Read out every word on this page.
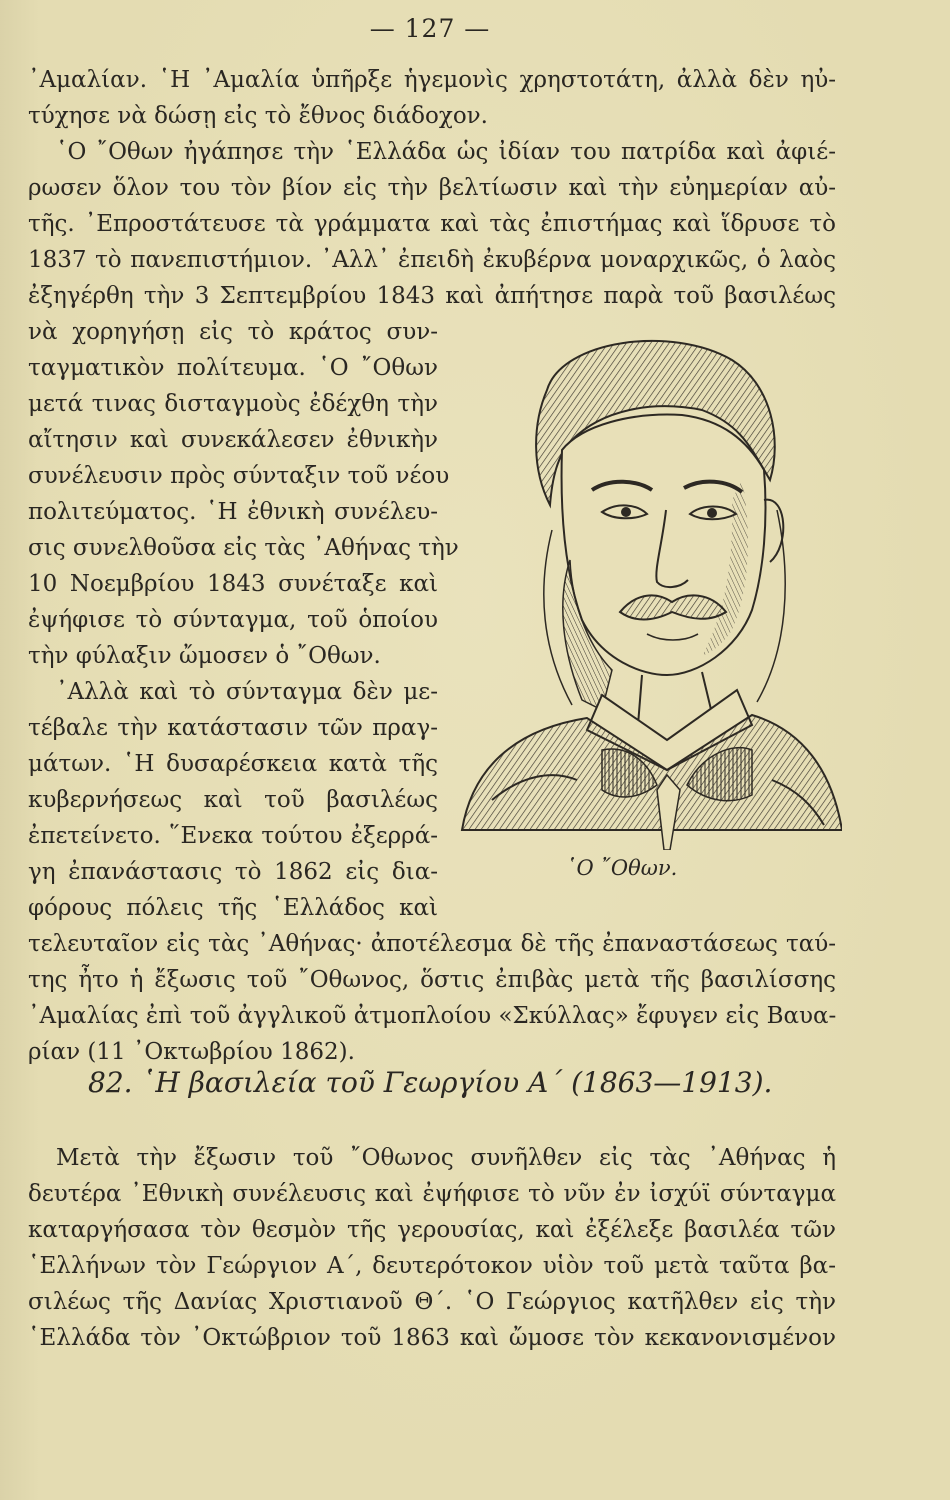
— 127 —
᾿Αμαλίαν. ῾Η ᾿Αμαλία ὑπῆρξε ἡγεμονὶς χρηστοτάτη, ἀλλὰ δὲν ηὐ-
τύχησε νὰ δώσῃ εἰς τὸ ἔθνος διάδοχον.
῾Ο ῎Οθων ἠγάπησε τὴν ῾Ελλάδα ὡς ἰδίαν του πατρίδα καὶ ἀφιέ-
ρωσεν ὅλον του τὸν βίον εἰς τὴν βελτίωσιν καὶ τὴν εὐημερίαν αὐ-
τῆς. ᾿Επροστάτευσε τὰ γράμματα καὶ τὰς ἐπιστήμας καὶ ἵδρυσε τὸ
1837 τὸ πανεπιστήμιον. ᾿Αλλ᾿ ἐπειδὴ ἐκυβέρνα μοναρχικῶς, ὁ λαὸς
ἐξηγέρθη τὴν 3 Σεπτεμβρίου 1843 καὶ ἀπήτησε παρὰ τοῦ βασιλέως
νὰ χορηγήσῃ εἰς τὸ κράτος συν-
ταγματικὸν πολίτευμα. ῾Ο ῎Οθων
μετά τινας δισταγμοὺς ἐδέχθη τὴν
αἴτησιν καὶ συνεκάλεσεν ἐθνικὴν
συνέλευσιν πρὸς σύνταξιν τοῦ νέου
πολιτεύματος. ῾Η ἐθνικὴ συνέλευ-
σις συνελθοῦσα εἰς τὰς ᾿Αθήνας τὴν
10 Νοεμβρίου 1843 συνέταξε καὶ
ἐψήφισε τὸ σύνταγμα, τοῦ ὁποίου
τὴν φύλαξιν ὤμοσεν ὁ ῎Οθων.
᾿Αλλὰ καὶ τὸ σύνταγμα δὲν με-
τέβαλε τὴν κατάστασιν τῶν πραγ-
μάτων. ῾Η δυσαρέσκεια κατὰ τῆς
κυβερνήσεως καὶ τοῦ βασιλέως
ἐπετείνετο. ῞Ενεκα τούτου ἐξερρά-
γη ἐπανάστασις τὸ 1862 εἰς δια-
φόρους πόλεις τῆς ῾Ελλάδος καὶ
τελευταῖον εἰς τὰς ᾿Αθήνας· ἀποτέλεσμα δὲ τῆς ἐπαναστάσεως ταύ-
της ἦτο ἡ ἔξωσις τοῦ ῎Οθωνος, ὅστις ἐπιβὰς μετὰ τῆς βασιλίσσης
᾿Αμαλίας ἐπὶ τοῦ ἀγγλικοῦ ἀτμοπλοίου «Σκύλλας» ἔφυγεν εἰς Βαυα-
ρίαν (11 ᾿Οκτωβρίου 1862).
῾Ο ῎Οθων.
82. ῾Η βασιλεία τοῦ Γεωργίου Α΄ (1863—1913).
Μετὰ τὴν ἔξωσιν τοῦ ῎Οθωνος συνῆλθεν εἰς τὰς ᾿Αθήνας ἡ
δευτέρα ᾿Εθνικὴ συνέλευσις καὶ ἐψήφισε τὸ νῦν ἐν ἰσχύϊ σύνταγμα
καταργήσασα τὸν θεσμὸν τῆς γερουσίας, καὶ ἐξέλεξε βασιλέα τῶν
῾Ελλήνων τὸν Γεώργιον Α΄, δευτερότοκον υἱὸν τοῦ μετὰ ταῦτα βα-
σιλέως τῆς Δανίας Χριστιανοῦ Θ΄. ῾Ο Γεώργιος κατῆλθεν εἰς τὴν
῾Ελλάδα τὸν ᾿Οκτώβριον τοῦ 1863 καὶ ὤμοσε τὸν κεκανονισμένον
